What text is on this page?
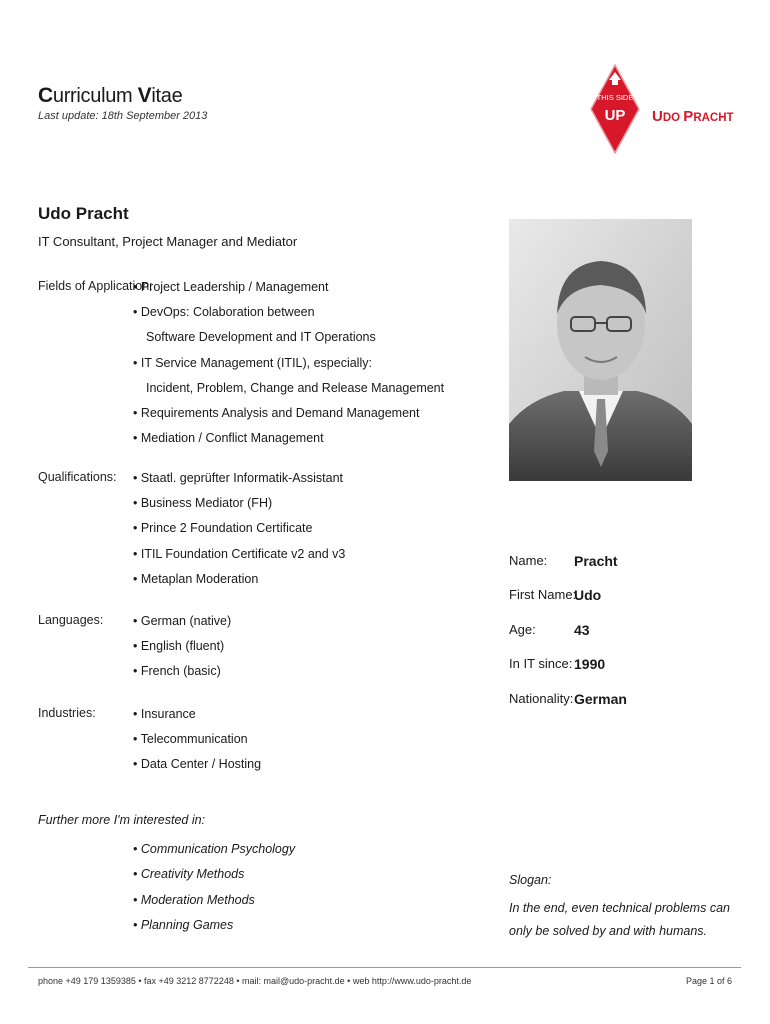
Curriculum Vitae
Last update: 18th September 2013
THIS SIDE
UP UDO PRACHT
Udo Pracht
IT Consultant, Project Manager and Mediator
Fields of Application:
• Project Leadership / Management
• DevOps: Colaboration between
Software Development and IT Operations
• IT Service Management (ITIL), especially:
Incident, Problem, Change and Release Management
• Requirements Analysis and Demand Management
• Mediation / Conflict Management
Qualifications: • Staatl. geprüfter Informatik-Assistant
• Business Mediator (FH)
• Prince 2 Foundation Certificate
• ITIL Foundation Certificate v2 and v3
• Metaplan Moderation
Languages: • German (native)
• English (fluent)
• French (basic)
Industries:	• Insurance
• Telecommunication
• Data Center / Hosting
Name:	Pracht
First Name:
Udo
Age:	43
In IT since: 1990
Nationality: German
Further more I'm interested in:
• Communication Psychology
• Creativity Methods
• Moderation Methods
• Planning Games
Slogan:
In the end, even technical problems can only be solved by and with humans.
phone +49 179 1359385 • fax +49 3212 8772248 • mail: mail@udo-pracht.de • web http://www.udo-pracht.de	Page 1 of 6
